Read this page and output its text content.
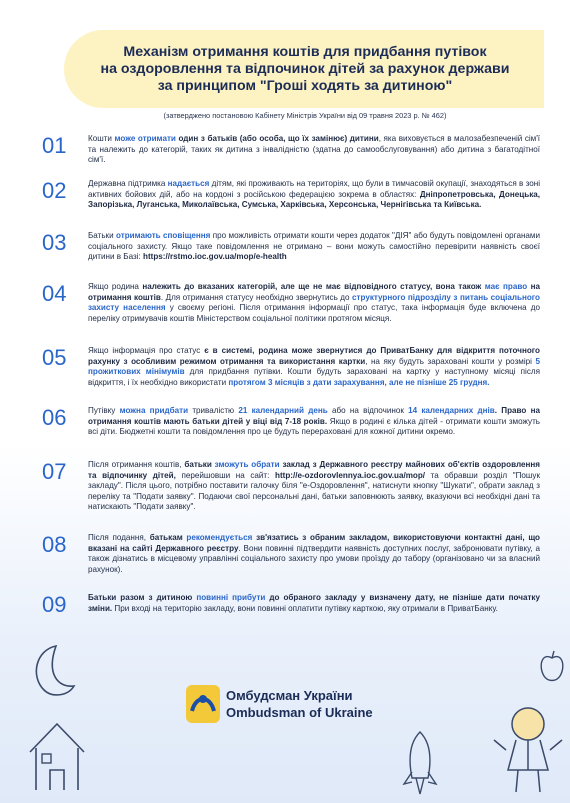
Механізм отримання коштів для придбання путівок
на оздоровлення та відпочинок дітей за рахунок держави
за принципом "Гроші ходять за дитиною"
(затверджено постановою Кабінету Міністрів України від 09 травня 2023 р. № 462)
01	Кошти може отримати один з батьків (або особа, що їх замінює) дитини, яка виховується в малозабезпеченій сім'ї та належить до категорій, таких як дитина з інвалідністю (здатна до самообслуговування) або дитина з багатодітної сім'ї.
02	Державна підтримка надається дітям, які проживають на територіях, що були в тимчасовій окупації, знаходяться в зоні активних бойових дій, або на кордоні з російською федерацією зокрема в областях: Дніпропетровська, Донецька, Запорізька, Луганська, Миколаївська, Сумська, Харківська, Херсонська, Чернігівська та Київська.
03	Батьки отримають сповіщення про можливість отримати кошти через додаток "ДІЯ" або будуть повідомлені органами соціального захисту. Якщо таке повідомлення не отримано – вони можуть самостійно перевірити наявність своєї дитини в Базі: https://rstmo.ioc.gov.ua/mop/e-health
04	Якщо родина належить до вказаних категорій, але ще не має відповідного статусу, вона також має право на отримання коштів. Для отримання статусу необхідно звернутись до структурного підрозділу з питань соціального захисту населення у своєму регіоні. Після отримання інформації про статус, така інформація буде включена до переліку отримувачів коштів Міністерством соціальної політики протягом місяця.
05	Якщо інформація про статус є в системі, родина може звернутися до ПриватБанку для відкриття поточного рахунку з особливим режимом отримання та використання картки, на яку будуть зараховані кошти у розмірі 5 прожиткових мінімумів для придбання путівки. Кошти будуть зараховані на картку у наступному місяці після відкриття, і їх необхідно використати протягом 3 місяців з дати зарахування, але не пізніше 25 грудня.
06	Путівку можна придбати тривалістю 21 календарний день або на відпочинок 14 календарних днів. Право на отримання коштів мають батьки дітей у віці від 7-18 років. Якщо в родині є кілька дітей - отримати кошти зможуть всі діти. Бюджетні кошти та повідомлення про це будуть перераховані для кожної дитини окремо.
07	Після отримання коштів, батьки зможуть обрати заклад з Державного реєстру майнових об'єктів оздоровлення та відпочинку дітей, перейшовши на сайт: http://e-ozdorovlennya.ioc.gov.ua/mop/ та обравши розділ "Пошук закладу". Після цього, потрібно поставити галочку біля "е-Оздоровлення", натиснути кнопку "Шукати", обрати заклад з переліку та "Подати заявку". Подаючи свої персональні дані, батьки заповнюють заявку, вказуючи всі необхідні дані та натискають "Подати заявку".
08	Після подання, батькам рекомендується зв'язатись з обраним закладом, використовуючи контактні дані, що вказані на сайті Державного реєстру. Вони повинні підтвердити наявність доступних послуг, забронювати путівку, а також дізнатись в місцевому управлінні соціального захисту про умови проїзду до табору (організовано чи за власний рахунок).
09	Батьки разом з дитиною повинні прибути до обраного закладу у визначену дату, не пізніше дати початку зміни. При вході на територію закладу, вони повинні оплатити путівку карткою, яку отримали в ПриватБанку.
Омбудсман України
Ombudsman of Ukraine
